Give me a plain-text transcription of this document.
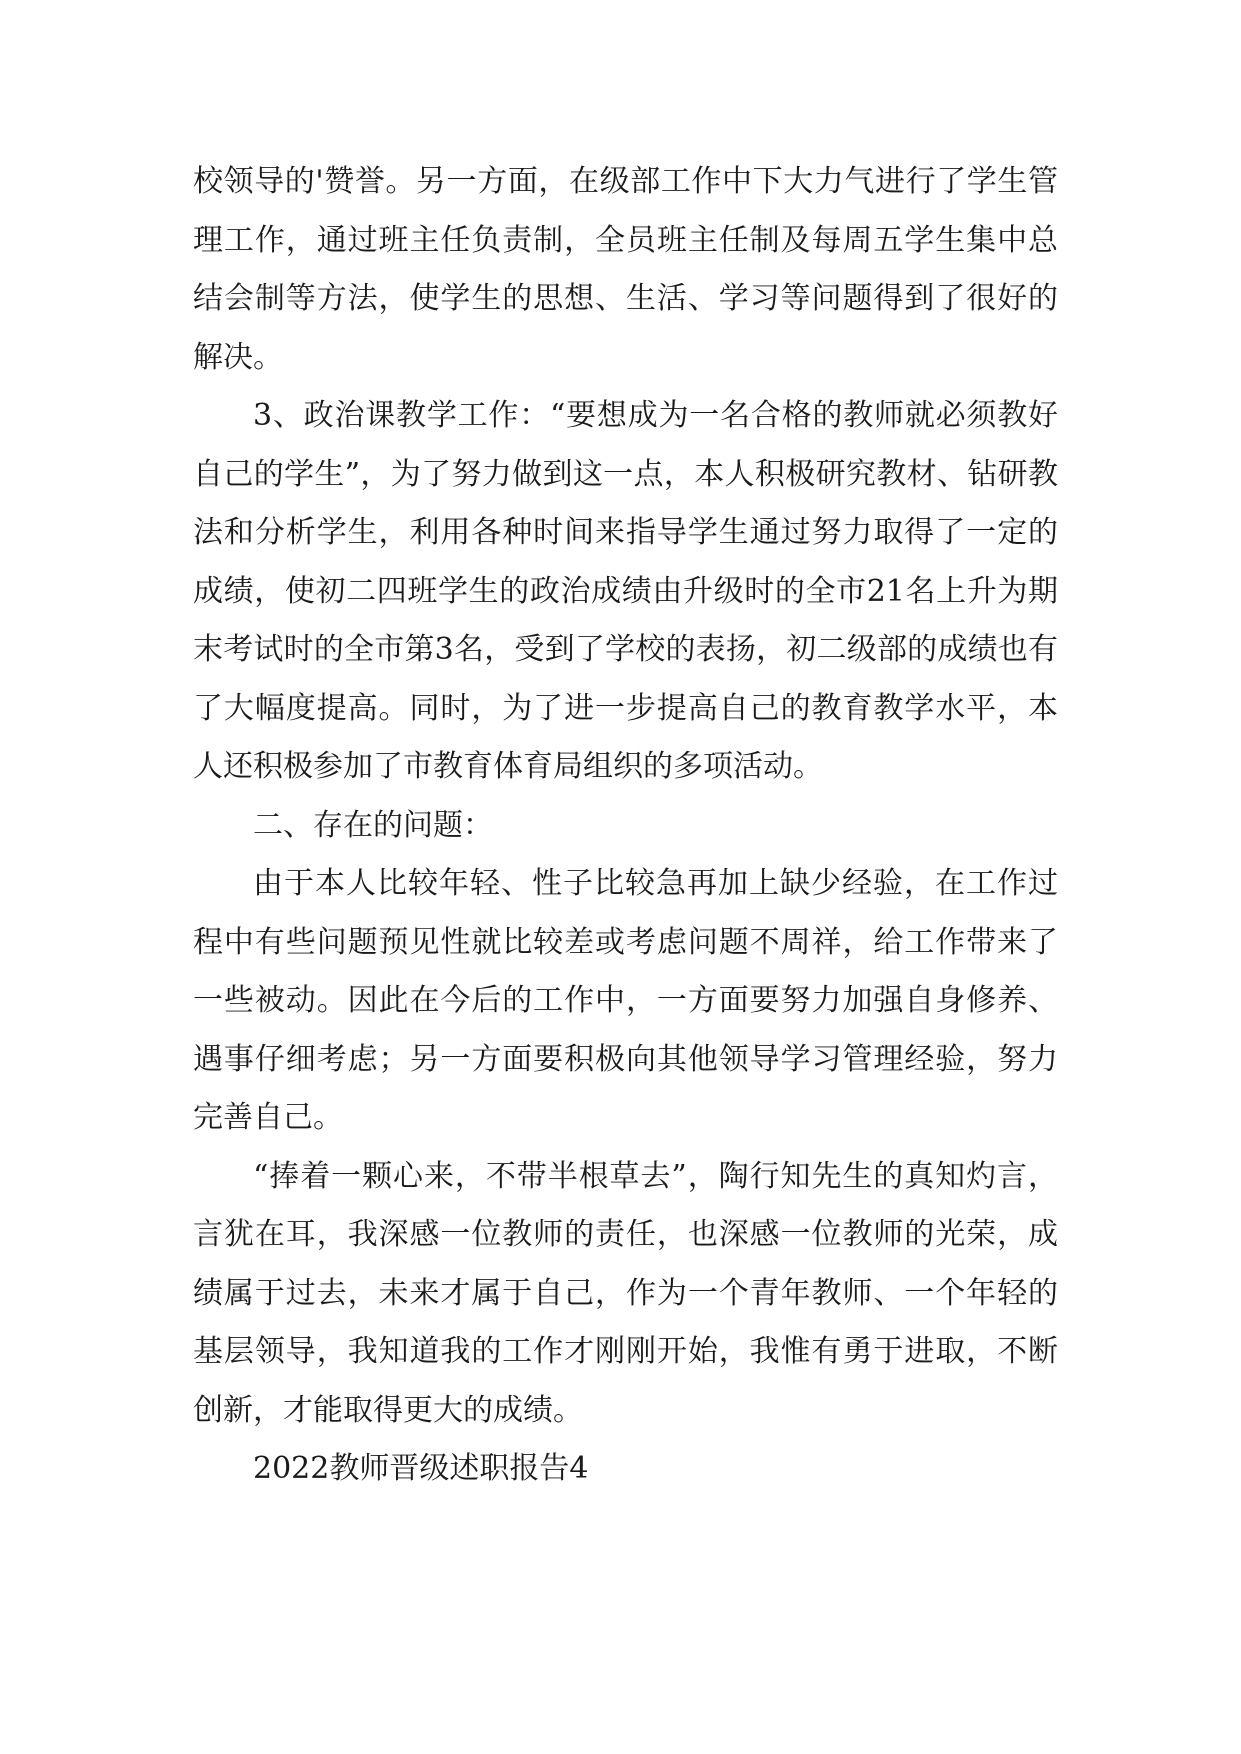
校领导的'赞誉。另一方面，在级部工作中下大力气进行了学生管理工作，通过班主任负责制，全员班主任制及每周五学生集中总结会制等方法，使学生的思想、生活、学习等问题得到了很好的解决。

3、政治课教学工作：“要想成为一名合格的教师就必须教好自己的学生”，为了努力做到这一点，本人积极研究教材、钻研教法和分析学生，利用各种时间来指导学生通过努力取得了一定的成绩，使初二四班学生的政治成绩由升级时的全市21名上升为期末考试时的全市第3名，受到了学校的表扬，初二级部的成绩也有了大幅度提高。同时，为了进一步提高自己的教育教学水平，本人还积极参加了市教育体育局组织的多项活动。

二、存在的问题：

由于本人比较年轻、性子比较急再加上缺少经验，在工作过程中有些问题预见性就比较差或考虑问题不周祥，给工作带来了一些被动。因此在今后的工作中，一方面要努力加强自身修养、遇事仔细考虑；另一方面要积极向其他领导学习管理经验，努力完善自己。

“捧着一颗心来，不带半根草去”，陶行知先生的真知灼言，言犹在耳，我深感一位教师的责任，也深感一位教师的光荣，成绩属于过去，未来才属于自己，作为一个青年教师、一个年轻的基层领导，我知道我的工作才刚刚开始，我惟有勇于进取，不断创新，才能取得更大的成绩。

2022教师晋级述职报告4
